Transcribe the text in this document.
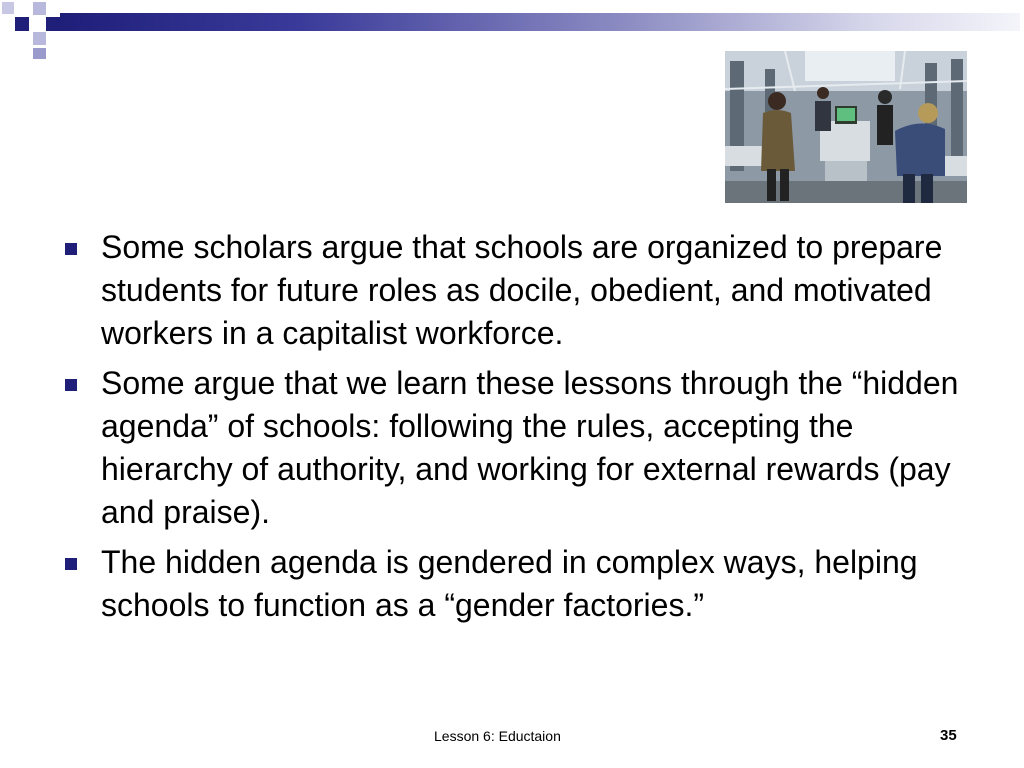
Some scholars argue that schools are organized to prepare students for future roles as docile, obedient, and motivated workers in a capitalist workforce.
Some argue that we learn these lessons through the “hidden agenda” of schools: following the rules, accepting the hierarchy of authority, and working for external rewards (pay and praise).
The hidden agenda is gendered in complex ways, helping schools to function as a “gender factories.”
Lesson 6: Eductaion	35
